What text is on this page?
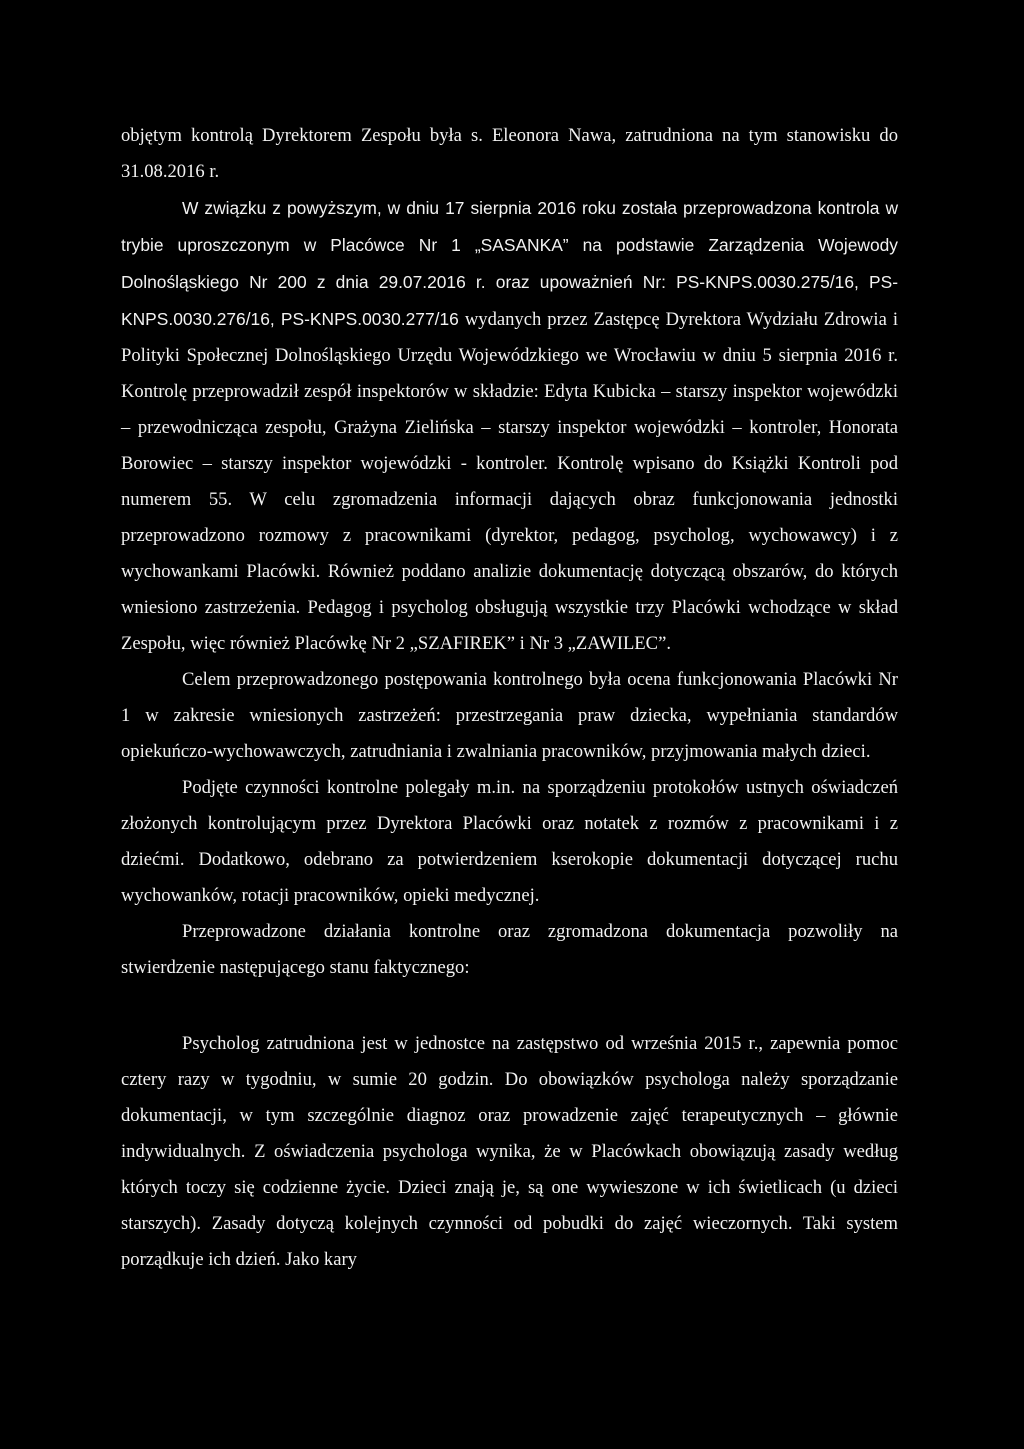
objętym kontrolą Dyrektorem Zespołu była s. Eleonora Nawa, zatrudniona na tym stanowisku do 31.08.2016 r.

W związku z powyższym, w dniu 17 sierpnia 2016 roku została przeprowadzona kontrola w trybie uproszczonym w Placówce Nr 1 „SASANKA” na podstawie Zarządzenia Wojewody Dolnośląskiego Nr 200 z dnia 29.07.2016 r. oraz upoważnień Nr: PS-KNPS.0030.275/16, PS-KNPS.0030.276/16, PS-KNPS.0030.277/16 wydanych przez Zastępcę Dyrektora Wydziału Zdrowia i Polityki Społecznej Dolnośląskiego Urzędu Wojewódzkiego we Wrocławiu w dniu 5 sierpnia 2016 r. Kontrolę przeprowadził zespół inspektorów w składzie: Edyta Kubicka – starszy inspektor wojewódzki – przewodnicząca zespołu, Grażyna Zielińska – starszy inspektor wojewódzki – kontroler, Honorata Borowiec – starszy inspektor wojewódzki - kontroler. Kontrolę wpisano do Książki Kontroli pod numerem 55. W celu zgromadzenia informacji dających obraz funkcjonowania jednostki przeprowadzono rozmowy z pracownikami (dyrektor, pedagog, psycholog, wychowawcy) i z wychowankami Placówki. Również poddano analizie dokumentację dotyczącą obszarów, do których wniesiono zastrzeżenia. Pedagog i psycholog obsługują wszystkie trzy Placówki wchodzące w skład Zespołu, więc również Placówkę Nr 2 „SZAFIREK” i Nr 3 „ZAWILEC”.

Celem przeprowadzonego postępowania kontrolnego była ocena funkcjonowania Placówki Nr 1 w zakresie wniesionych zastrzeżeń: przestrzegania praw dziecka, wypełniania standardów opiekuńczo-wychowawczych, zatrudniania i zwalniania pracowników, przyjmowania małych dzieci.

Podjęte czynności kontrolne polegały m.in. na sporządzeniu protokołów ustnych oświadczeń złożonych kontrolującym przez Dyrektora Placówki oraz notatek z rozmów z pracownikami i z dziećmi. Dodatkowo, odebrano za potwierdzeniem kserokopie dokumentacji dotyczącej ruchu wychowanków, rotacji pracowników, opieki medycznej.

Przeprowadzone działania kontrolne oraz zgromadzona dokumentacja pozwoliły na stwierdzenie następującego stanu faktycznego:

Psycholog zatrudniona jest w jednostce na zastępstwo od września 2015 r., zapewnia pomoc cztery razy w tygodniu, w sumie 20 godzin. Do obowiązków psychologa należy sporządzanie dokumentacji, w tym szczególnie diagnoz oraz prowadzenie zajęć terapeutycznych – głównie indywidualnych. Z oświadczenia psychologa wynika, że w Placówkach obowiązują zasady według których toczy się codzienne życie. Dzieci znają je, są one wywieszone w ich świetlicach (u dzieci starszych). Zasady dotyczą kolejnych czynności od pobudki do zajęć wieczornych. Taki system porządkuje ich dzień. Jako kary
